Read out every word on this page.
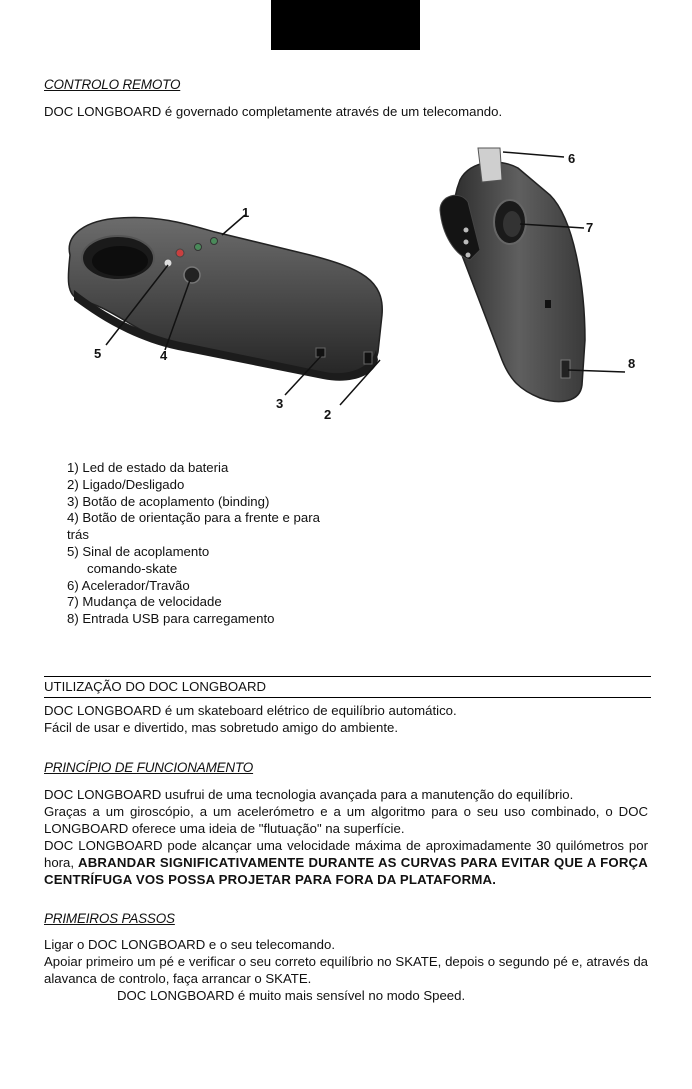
CONTROLO REMOTO
DOC LONGBOARD é governado completamente através de um telecomando.
1
2
3
4
5
6
7
8
1) Led de estado da bateria
2) Ligado/Desligado
3) Botão de acoplamento (binding)
4) Botão de orientação para a frente e para
trás
5) Sinal de acoplamento
comando-skate
6) Acelerador/Travão
7) Mudança de velocidade
8) Entrada USB para carregamento
UTILIZAÇÃO DO DOC LONGBOARD
DOC LONGBOARD é um skateboard elétrico de equilíbrio automático.
Fácil de usar e divertido, mas sobretudo amigo do ambiente.
PRINCÍPIO DE FUNCIONAMENTO
DOC LONGBOARD usufrui de uma tecnologia avançada para a manutenção do equilíbrio.
Graças a um giroscópio, a um acelerómetro e a um algoritmo para o seu uso combinado, o DOC LONGBOARD oferece uma ideia de "flutuação" na superfície.
DOC LONGBOARD pode alcançar uma velocidade máxima de aproximadamente 30 quilómetros por hora, ABRANDAR SIGNIFICATIVAMENTE DURANTE AS CURVAS PARA EVITAR QUE A FORÇA CENTRÍFUGA VOS POSSA PROJETAR PARA FORA DA PLATAFORMA.
PRIMEIROS PASSOS
Ligar o DOC LONGBOARD e o seu telecomando.
Apoiar primeiro um pé e verificar o seu correto equilíbrio no SKATE, depois o segundo pé e, através da alavanca de controlo, faça arrancar o SKATE.
DOC LONGBOARD é muito mais sensível no modo Speed.
